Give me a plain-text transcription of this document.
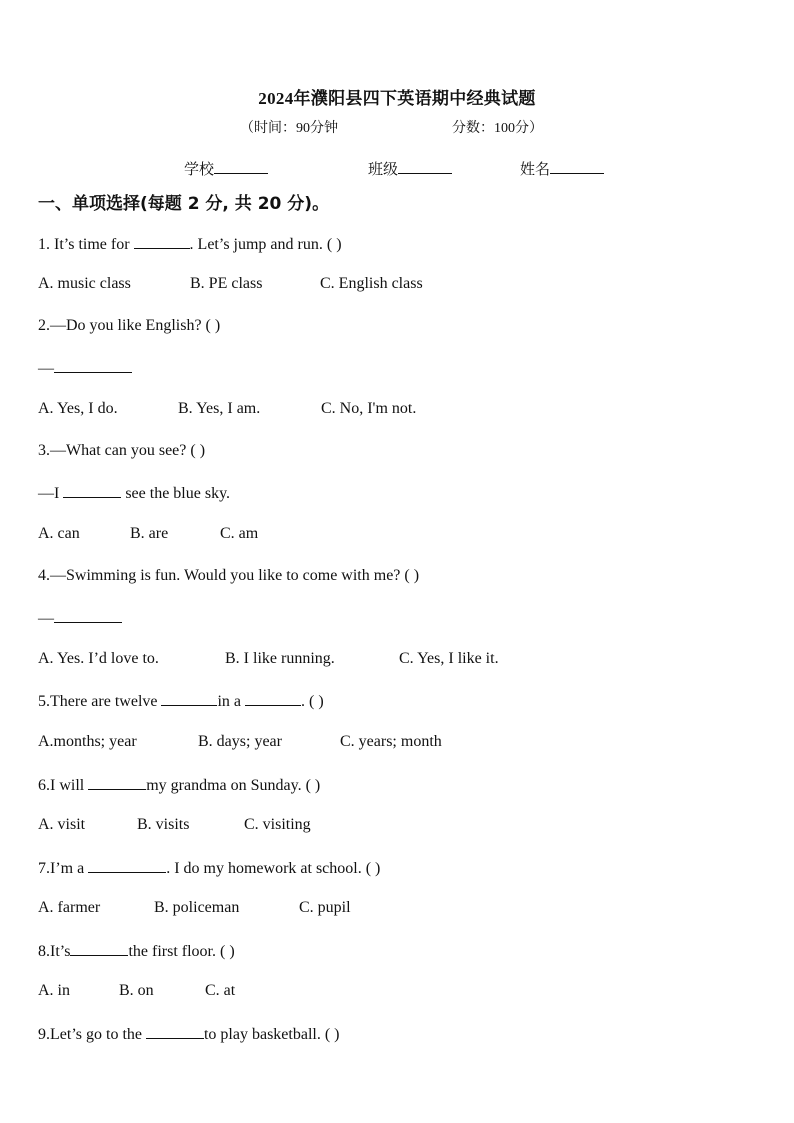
2024年濮阳县四下英语期中经典试题
（时间：90分钟	分数：100分）
学校	班级	姓名
一、单项选择(每题 2 分, 共 20 分)。
1. It’s time for	. Let’s jump and run. ( )
A. music class	B. PE class	C. English class
2.—Do you like English? ( )
—
A. Yes, I do.	B. Yes, I am.	C. No, I'm not.
3.—What can you see? ( )
—I	see the blue sky.
A. can	B. are	C. am
4.—Swimming is fun. Would you like to come with me? ( )
—
A. Yes. I’d love to.	B. I like running.	C. Yes, I like it.
5.There are twelve	in a	. ( )
A.months; year	B. days; year	C. years; month
6.I will	my grandma on Sunday. ( )
A. visit	B. visits	C. visiting
7.I’m a	. I do my homework at school. ( )
A. farmer	B. policeman	C. pupil
8.It’s	the first floor. ( )
A. in	B. on	C. at
9.Let’s go to the	to play basketball. ( )
